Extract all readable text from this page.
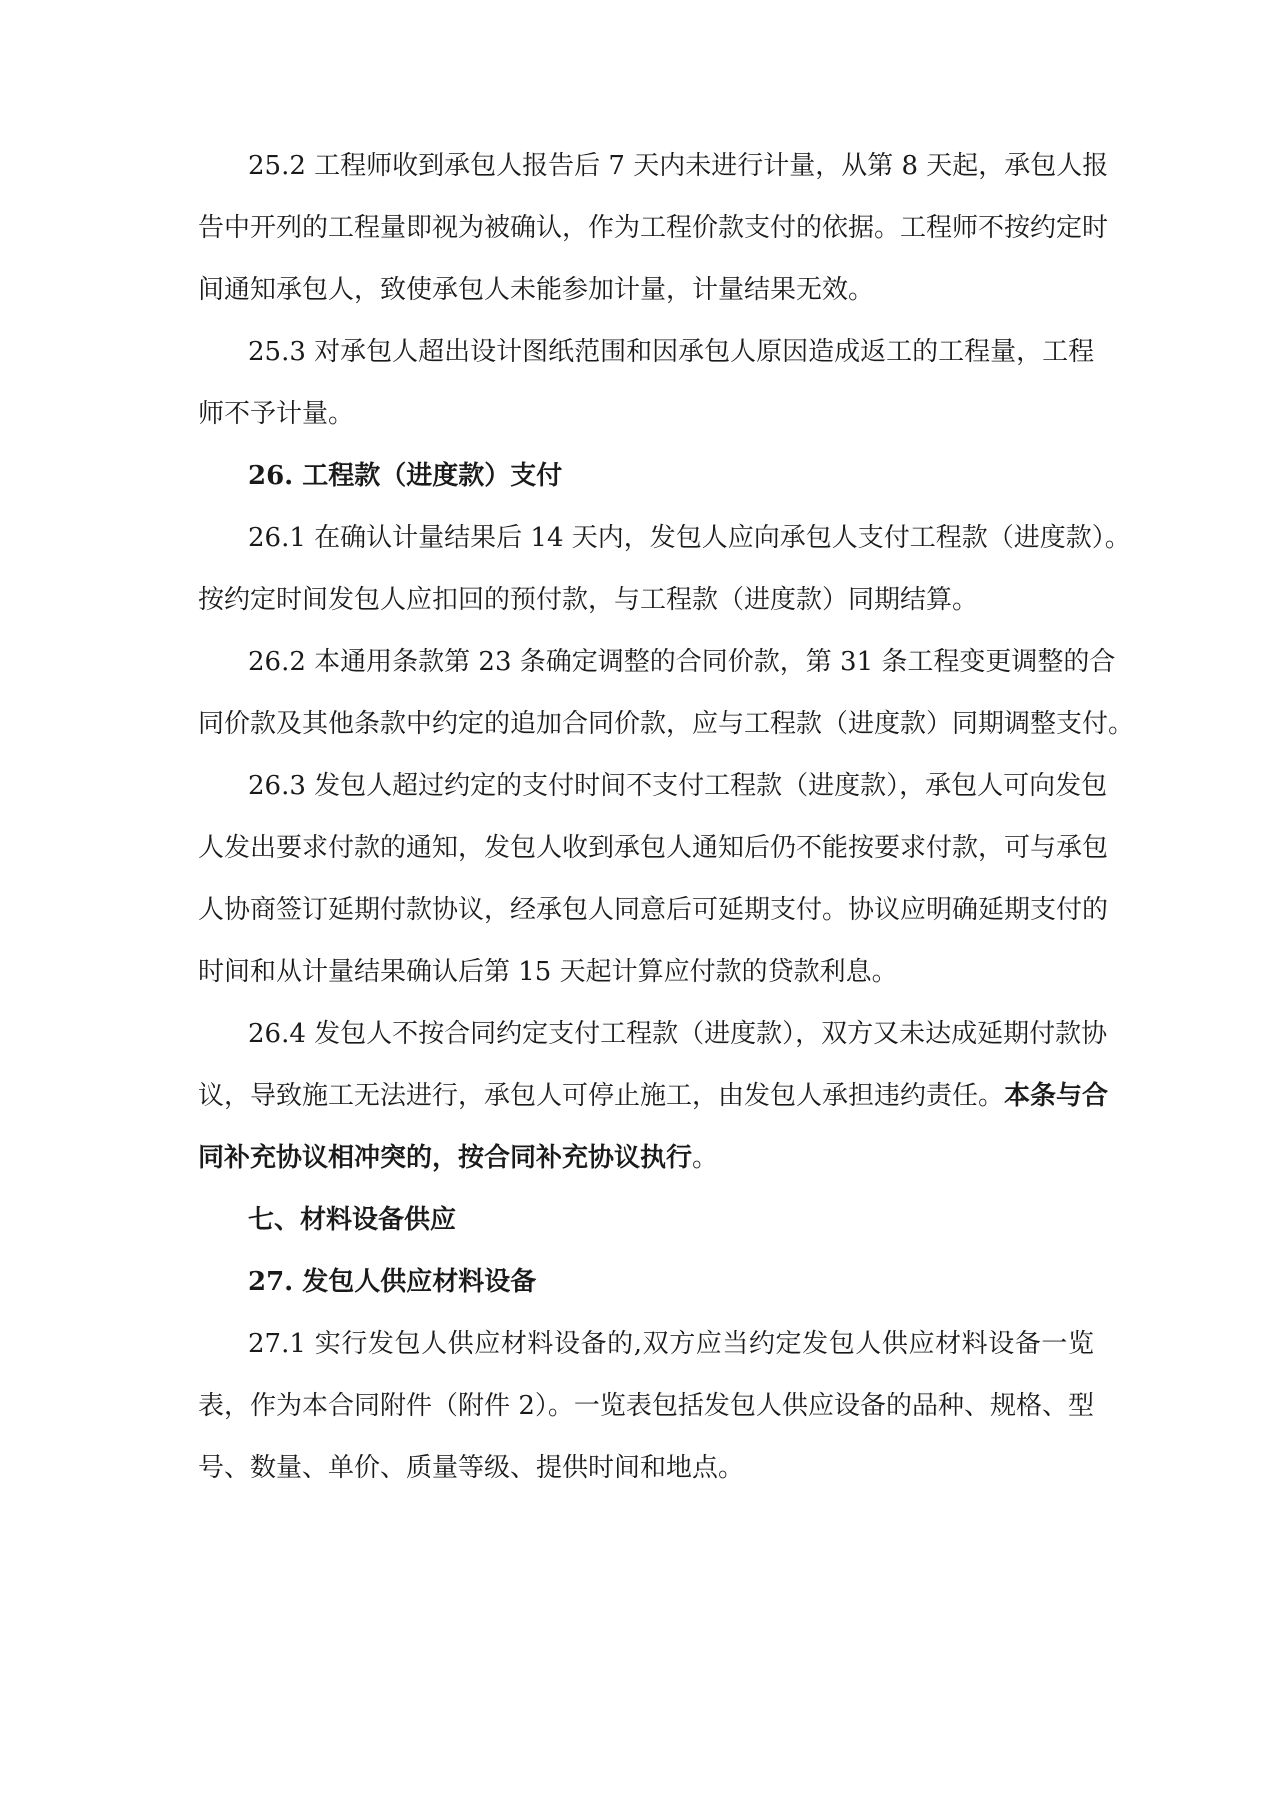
25.2 工程师收到承包人报告后 7 天内未进行计量，从第 8 天起，承包人报
告中开列的工程量即视为被确认，作为工程价款支付的依据。工程师不按约定时
间通知承包人，致使承包人未能参加计量，计量结果无效。
25.3 对承包人超出设计图纸范围和因承包人原因造成返工的工程量，工程
师不予计量。
26. 工程款（进度款）支付
26.1 在确认计量结果后 14 天内，发包人应向承包人支付工程款（进度款）。
按约定时间发包人应扣回的预付款，与工程款（进度款）同期结算。
26.2 本通用条款第 23 条确定调整的合同价款，第 31 条工程变更调整的合
同价款及其他条款中约定的追加合同价款，应与工程款（进度款）同期调整支付。
26.3 发包人超过约定的支付时间不支付工程款（进度款），承包人可向发包
人发出要求付款的通知，发包人收到承包人通知后仍不能按要求付款，可与承包
人协商签订延期付款协议，经承包人同意后可延期支付。协议应明确延期支付的
时间和从计量结果确认后第 15 天起计算应付款的贷款利息。
26.4 发包人不按合同约定支付工程款（进度款），双方又未达成延期付款协
议，导致施工无法进行，承包人可停止施工，由发包人承担违约责任。本条与合
同补充协议相冲突的，按合同补充协议执行。
七、材料设备供应
27. 发包人供应材料设备
27.1 实行发包人供应材料设备的,双方应当约定发包人供应材料设备一览
表，作为本合同附件（附件 2）。一览表包括发包人供应设备的品种、规格、型
号、数量、单价、质量等级、提供时间和地点。
